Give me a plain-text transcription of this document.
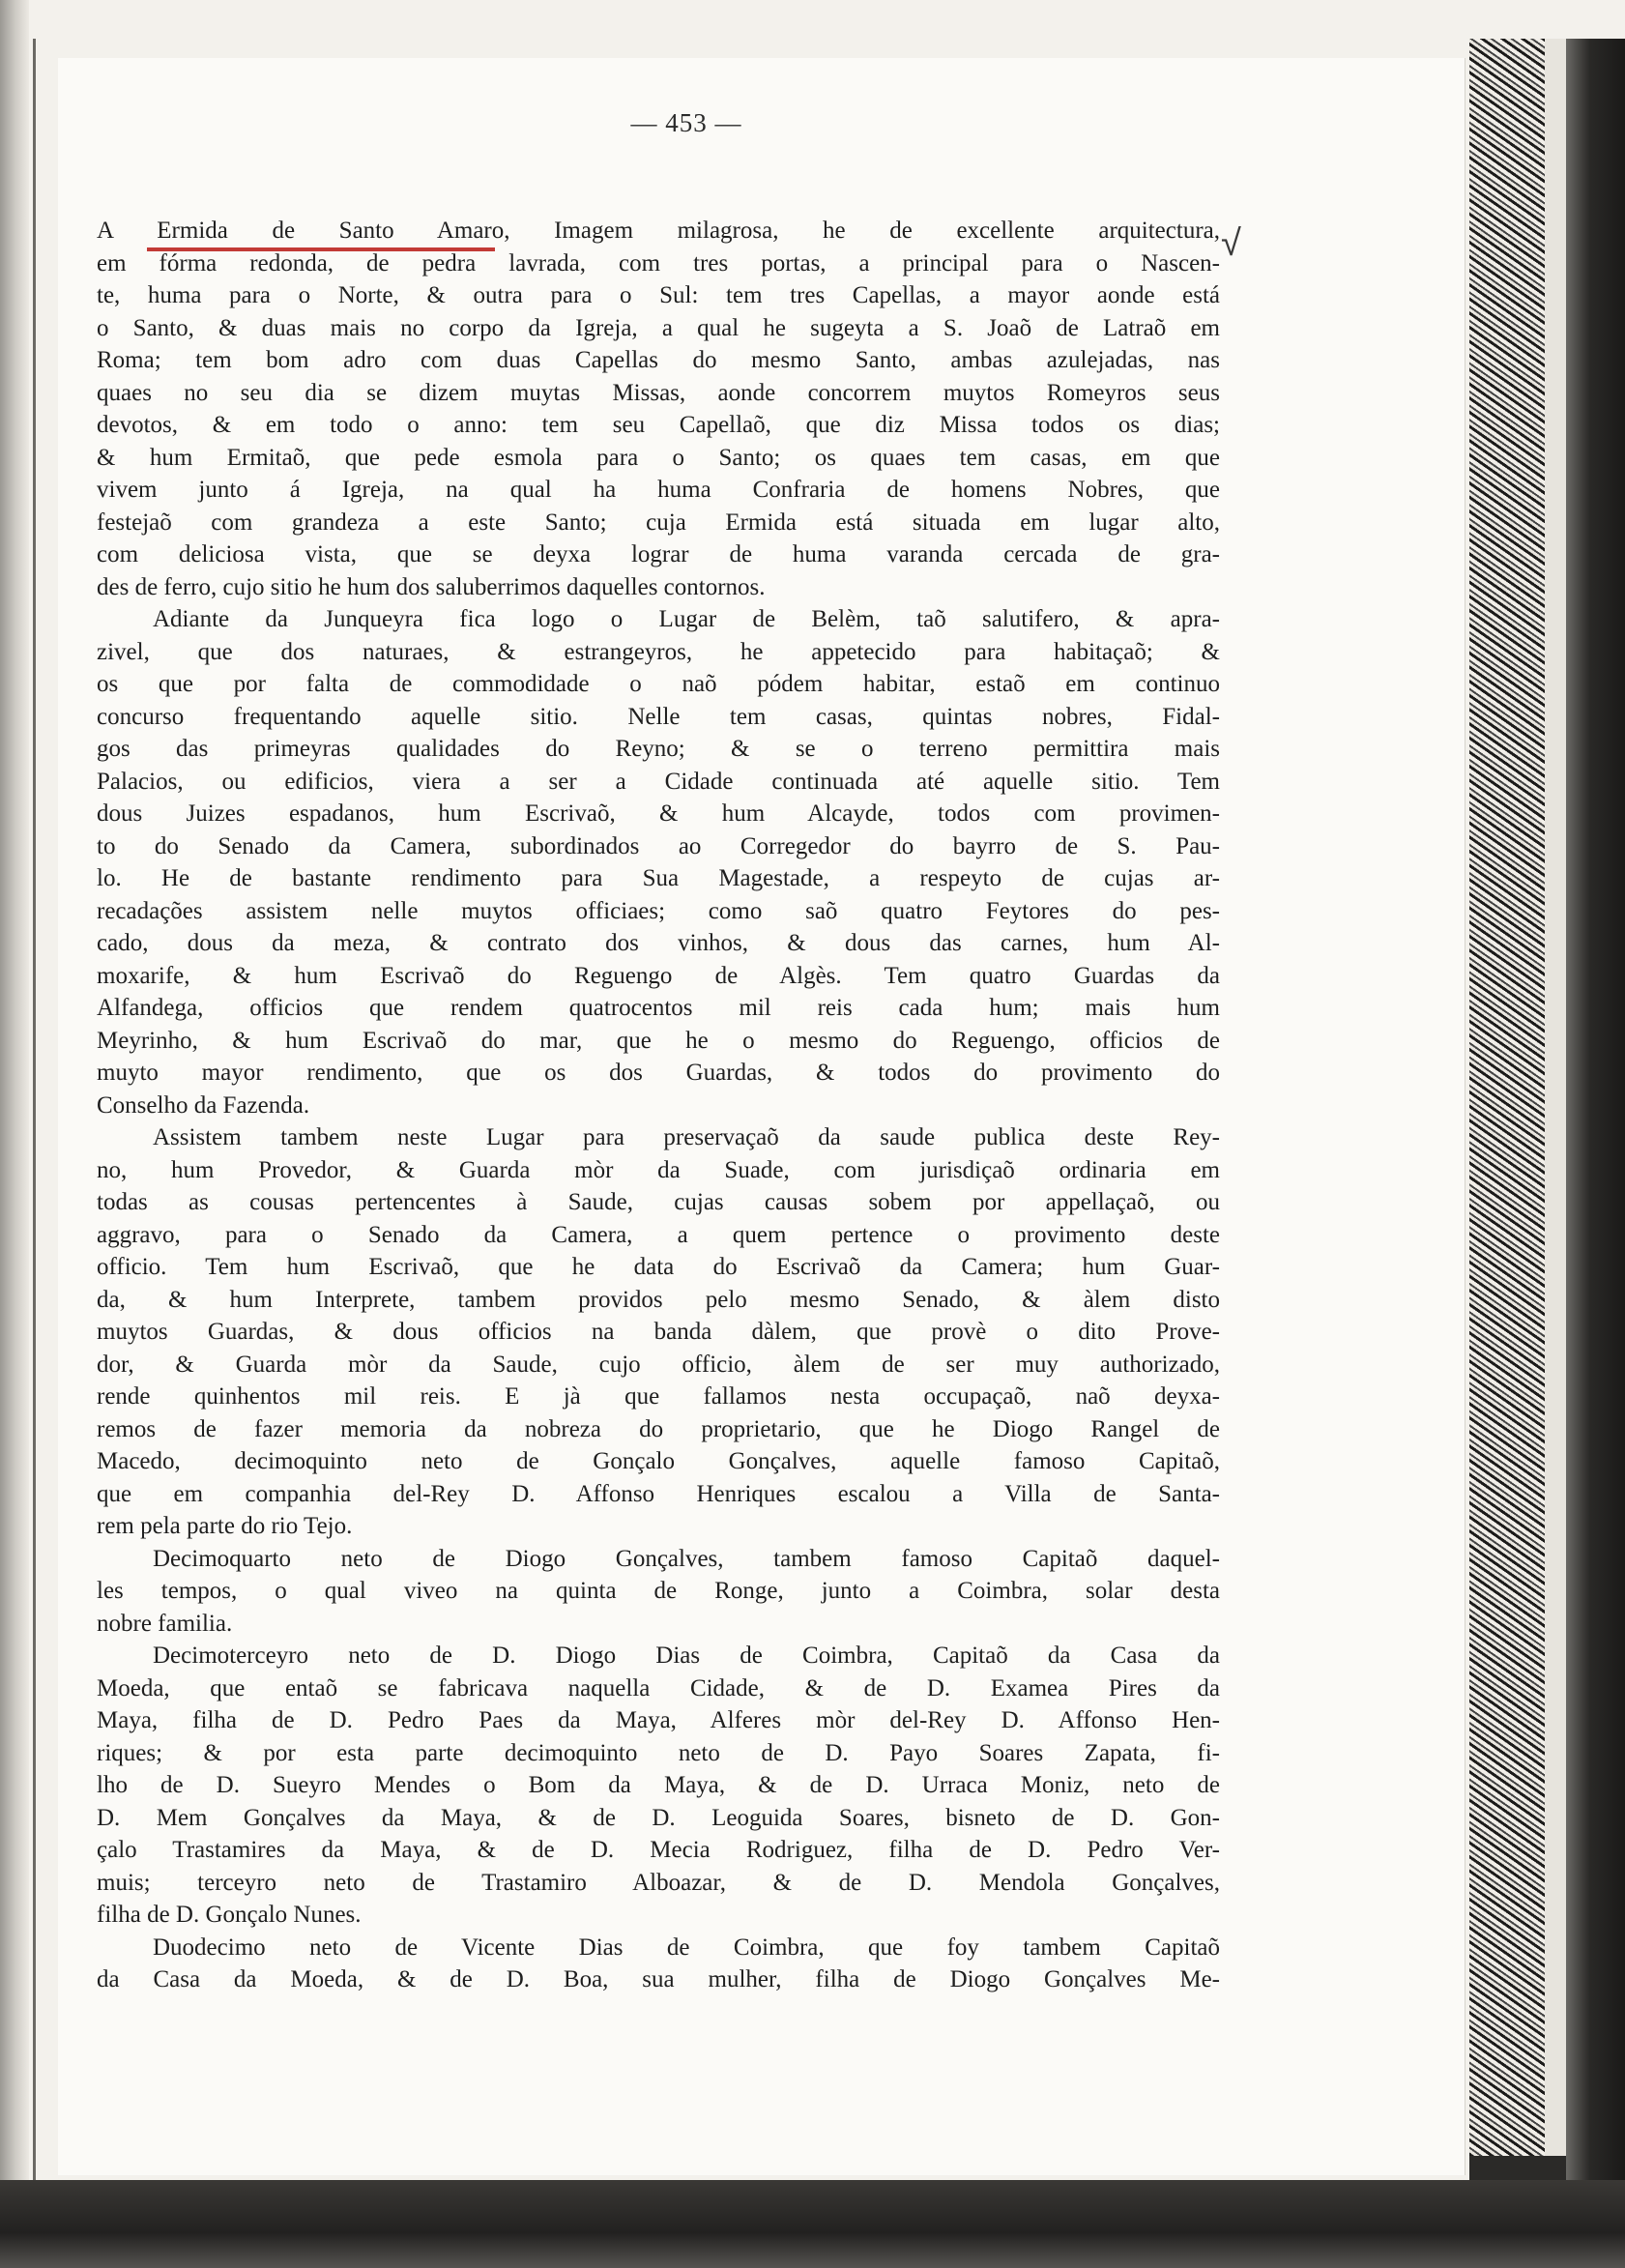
— 453 —
√
A Ermida de Santo Amaro, Imagem milagrosa, he de excellente arquitectura,
em fórma redonda, de pedra lavrada, com tres portas, a principal para o Nascen-
te, huma para o Norte, & outra para o Sul: tem tres Capellas, a mayor aonde está
o Santo, & duas mais no corpo da Igreja, a qual he sugeyta a S. Joaõ de Latraõ em
Roma; tem bom adro com duas Capellas do mesmo Santo, ambas azulejadas, nas
quaes no seu dia se dizem muytas Missas, aonde concorrem muytos Romeyros seus
devotos, & em todo o anno: tem seu Capellaõ, que diz Missa todos os dias;
& hum Ermitaõ, que pede esmola para o Santo; os quaes tem casas, em que
vivem junto á Igreja, na qual ha huma Confraria de homens Nobres, que
festejaõ com grandeza a este Santo; cuja Ermida está situada em lugar alto,
com deliciosa vista, que se deyxa lograr de huma varanda cercada de gra-
des de ferro, cujo sitio he hum dos saluberrimos daquelles contornos.
Adiante da Junqueyra fica logo o Lugar de Belèm, taõ salutifero, & apra-
zivel, que dos naturaes, & estrangeyros, he appetecido para habitaçaõ; &
os que por falta de commodidade o naõ pódem habitar, estaõ em continuo
concurso frequentando aquelle sitio. Nelle tem casas, quintas nobres, Fidal-
gos das primeyras qualidades do Reyno; & se o terreno permittira mais
Palacios, ou edificios, viera a ser a Cidade continuada até aquelle sitio. Tem
dous Juizes espadanos, hum Escrivaõ, & hum Alcayde, todos com provimen-
to do Senado da Camera, subordinados ao Corregedor do bayrro de S. Pau-
lo. He de bastante rendimento para Sua Magestade, a respeyto de cujas ar-
recadações assistem nelle muytos officiaes; como saõ quatro Feytores do pes-
cado, dous da meza, & contrato dos vinhos, & dous das carnes, hum Al-
moxarife, & hum Escrivaõ do Reguengo de Algès. Tem quatro Guardas da
Alfandega, officios que rendem quatrocentos mil reis cada hum; mais hum
Meyrinho, & hum Escrivaõ do mar, que he o mesmo do Reguengo, officios de
muyto mayor rendimento, que os dos Guardas, & todos do provimento do
Conselho da Fazenda.
Assistem tambem neste Lugar para preservaçaõ da saude publica deste Rey-
no, hum Provedor, & Guarda mòr da Suade, com jurisdiçaõ ordinaria em
todas as cousas pertencentes à Saude, cujas causas sobem por appellaçaõ, ou
aggravo, para o Senado da Camera, a quem pertence o provimento deste
officio. Tem hum Escrivaõ, que he data do Escrivaõ da Camera; hum Guar-
da, & hum Interprete, tambem providos pelo mesmo Senado, & àlem disto
muytos Guardas, & dous officios na banda dàlem, que provè o dito Prove-
dor, & Guarda mòr da Saude, cujo officio, àlem de ser muy authorizado,
rende quinhentos mil reis. E jà que fallamos nesta occupaçaõ, naõ deyxa-
remos de fazer memoria da nobreza do proprietario, que he Diogo Rangel de
Macedo, decimoquinto neto de Gonçalo Gonçalves, aquelle famoso Capitaõ,
que em companhia del-Rey D. Affonso Henriques escalou a Villa de Santa-
rem pela parte do rio Tejo.
Decimoquarto neto de Diogo Gonçalves, tambem famoso Capitaõ daquel-
les tempos, o qual viveo na quinta de Ronge, junto a Coimbra, solar desta
nobre familia.
Decimoterceyro neto de D. Diogo Dias de Coimbra, Capitaõ da Casa da
Moeda, que entaõ se fabricava naquella Cidade, & de D. Examea Pires da
Maya, filha de D. Pedro Paes da Maya, Alferes mòr del-Rey D. Affonso Hen-
riques; & por esta parte decimoquinto neto de D. Payo Soares Zapata, fi-
lho de D. Sueyro Mendes o Bom da Maya, & de D. Urraca Moniz, neto de
D. Mem Gonçalves da Maya, & de D. Leoguida Soares, bisneto de D. Gon-
çalo Trastamires da Maya, & de D. Mecia Rodriguez, filha de D. Pedro Ver-
muis; terceyro neto de Trastamiro Alboazar, & de D. Mendola Gonçalves,
filha de D. Gonçalo Nunes.
Duodecimo neto de Vicente Dias de Coimbra, que foy tambem Capitaõ
da Casa da Moeda, & de D. Boa, sua mulher, filha de Diogo Gonçalves Me-
